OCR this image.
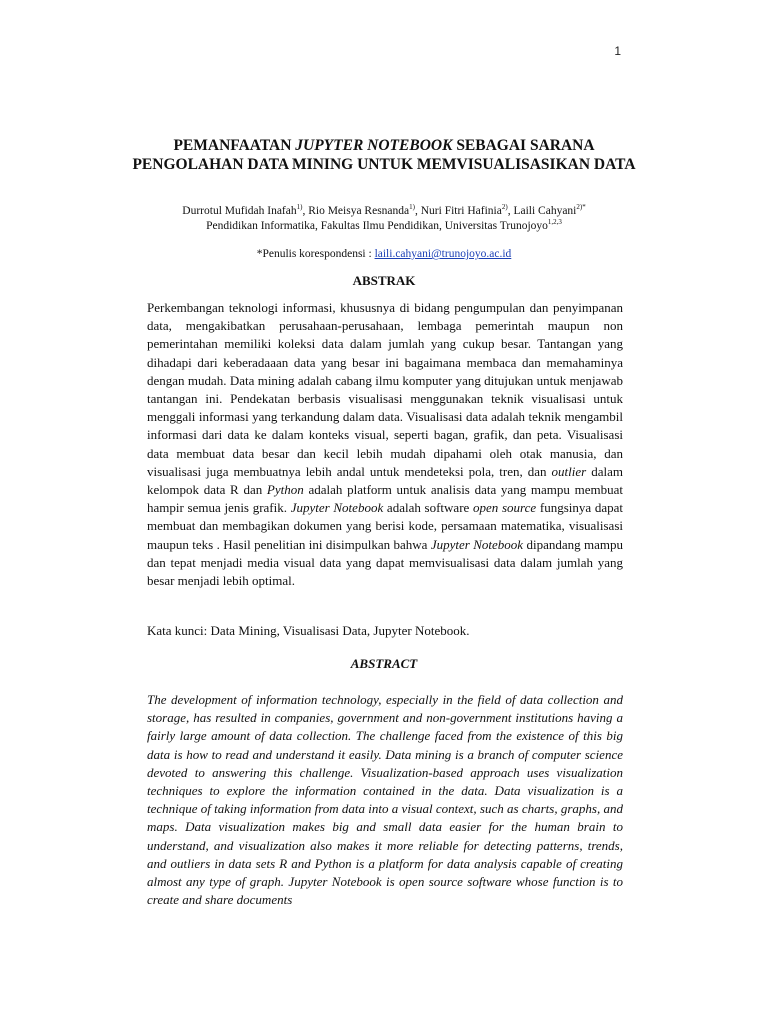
1
PEMANFAATAN JUPYTER NOTEBOOK SEBAGAI SARANA PENGOLAHAN DATA MINING UNTUK MEMVISUALISASIKAN DATA
Durrotul Mufidah Inafah$^{1)}$, Rio Meisya Resnanda$^{1)}$, Nuri Fitri Hafinia$^{2)}$, Laili Cahyani$^{2)*}$
Pendidikan Informatika, Fakultas Ilmu Pendidikan, Universitas Trunojoyo$^{1,2,3}$
*Penulis korespondensi : laili.cahyani@trunojoyo.ac.id
ABSTRAK
Perkembangan teknologi informasi, khususnya di bidang pengumpulan dan penyimpanan data, mengakibatkan perusahaan-perusahaan, lembaga pemerintah maupun non pemerintahan memiliki koleksi data dalam jumlah yang cukup besar. Tantangan yang dihadapi dari keberadaaan data yang besar ini bagaimana membaca dan memahaminya dengan mudah. Data mining adalah cabang ilmu komputer yang ditujukan untuk menjawab tantangan ini. Pendekatan berbasis visualisasi menggunakan teknik visualisasi untuk menggali informasi yang terkandung dalam data. Visualisasi data adalah teknik mengambil informasi dari data ke dalam konteks visual, seperti bagan, grafik, dan peta. Visualisasi data membuat data besar dan kecil lebih mudah dipahami oleh otak manusia, dan visualisasi juga membuatnya lebih andal untuk mendeteksi pola, tren, dan outlier dalam kelompok data R dan Python adalah platform untuk analisis data yang mampu membuat hampir semua jenis grafik. Jupyter Notebook adalah software open source fungsinya dapat membuat dan membagikan dokumen yang berisi kode, persamaan matematika, visualisasi maupun teks . Hasil penelitian ini disimpulkan bahwa Jupyter Notebook dipandang mampu dan tepat menjadi media visual data yang dapat memvisualisasi data dalam jumlah yang besar menjadi lebih optimal.
Kata kunci: Data Mining, Visualisasi Data, Jupyter Notebook.
ABSTRACT
The development of information technology, especially in the field of data collection and storage, has resulted in companies, government and non-government institutions having a fairly large amount of data collection. The challenge faced from the existence of this big data is how to read and understand it easily. Data mining is a branch of computer science devoted to answering this challenge. Visualization-based approach uses visualization techniques to explore the information contained in the data. Data visualization is a technique of taking information from data into a visual context, such as charts, graphs, and maps. Data visualization makes big and small data easier for the human brain to understand, and visualization also makes it more reliable for detecting patterns, trends, and outliers in data sets R and Python is a platform for data analysis capable of creating almost any type of graph. Jupyter Notebook is open source software whose function is to create and share documents
